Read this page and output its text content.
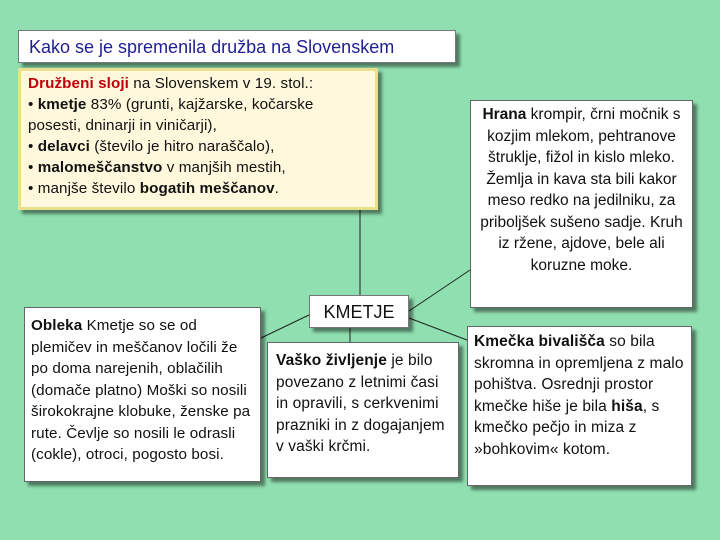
Kako se je spremenila družba na Slovenskem
Družbeni sloji na Slovenskem v 19. stol.:
• kmetje 83% (grunti, kajžarske, kočarske posesti, dninarji in viničarji),
• delavci (število je hitro naraščalo),
• malomeščanstvo v manjših mestih,
• manjše število bogatih meščanov.
Hrana krompir, črni močnik s kozjim mlekom, pehtranove štruklje, fižol in kislo mleko. Žemlja in kava sta bili kakor meso redko na jedilniku, za priboljšek sušeno sadje. Kruh iz ržene, ajdove, bele ali koruzne moke.
KMETJE
Obleka Kmetje so se od plemičev in meščanov ločili že po doma narejenih, oblačilih (domače platno) Moški so nosili širokokrajne klobuke, ženske pa rute. Čevlje so nosili le odrasli (cokle), otroci, pogosto bosi.
Vaško življenje je bilo povezano z letnimi časi in opravili, s cerkvenimi prazniki in z dogajanjem v vaški krčmi.
Kmečka bivališča so bila skromna in opremljena z malo pohištva. Osrednji prostor kmečke hiše je bila hiša, s kmečko pečjo in miza z »bohkovim« kotom.
